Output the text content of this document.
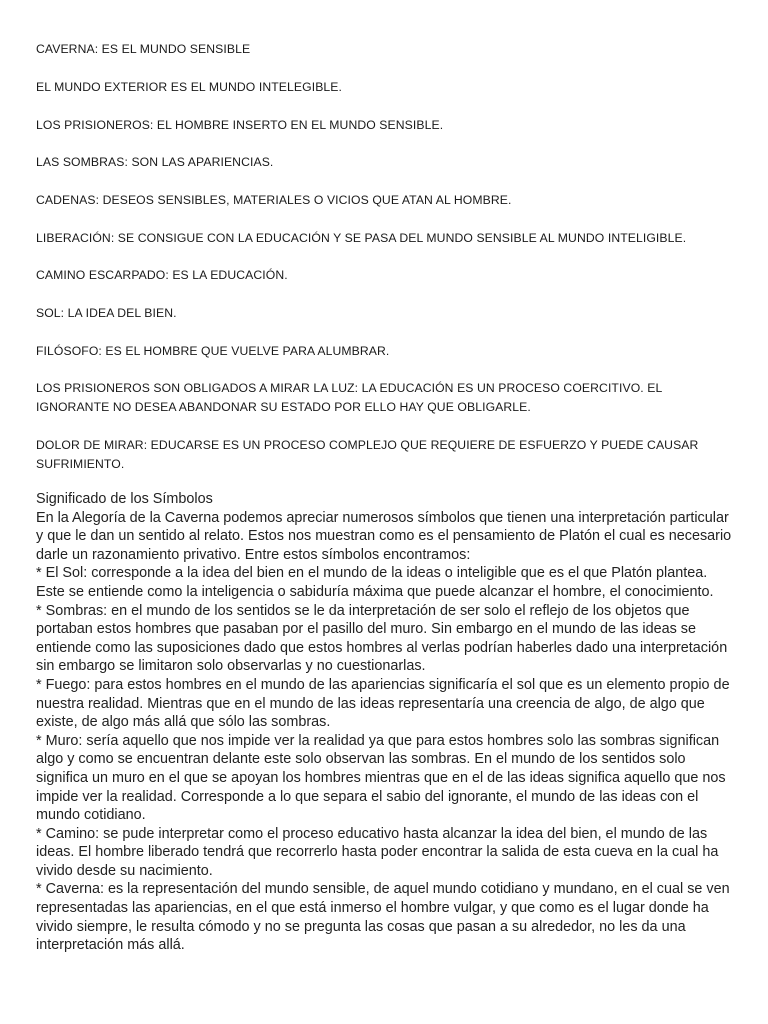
CAVERNA: ES EL MUNDO SENSIBLE

EL MUNDO EXTERIOR ES EL MUNDO INTELEGIBLE.

LOS PRISIONEROS: EL HOMBRE INSERTO EN EL MUNDO SENSIBLE.

LAS SOMBRAS: SON LAS APARIENCIAS.

CADENAS: DESEOS SENSIBLES, MATERIALES O VICIOS QUE ATAN AL HOMBRE.

LIBERACIÓN: SE CONSIGUE CON LA EDUCACIÓN Y SE PASA DEL MUNDO SENSIBLE AL MUNDO INTELIGIBLE.

CAMINO ESCARPADO: ES LA EDUCACIÓN.

SOL: LA IDEA DEL BIEN.

FILÓSOFO: ES EL HOMBRE QUE VUELVE PARA ALUMBRAR.

LOS PRISIONEROS SON OBLIGADOS A MIRAR LA LUZ: LA EDUCACIÓN ES UN PROCESO COERCITIVO. EL IGNORANTE NO DESEA ABANDONAR SU ESTADO POR ELLO HAY QUE OBLIGARLE.

DOLOR DE MIRAR: EDUCARSE ES UN PROCESO COMPLEJO QUE REQUIERE DE ESFUERZO Y PUEDE CAUSAR SUFRIMIENTO.

Significado de los Símbolos

En la Alegoría de la Caverna podemos apreciar numerosos símbolos que tienen una interpretación particular y que le dan un sentido al relato. Estos nos muestran como es el pensamiento de Platón el cual es necesario darle un razonamiento privativo. Entre estos símbolos encontramos:

* El Sol: corresponde a la idea del bien en el mundo de la ideas o inteligible que es el que Platón plantea. Este se entiende como la inteligencia o sabiduría máxima que puede alcanzar el hombre, el conocimiento.

* Sombras: en el mundo de los sentidos se le da interpretación de ser solo el reflejo de los objetos que portaban estos hombres que pasaban por el pasillo del muro. Sin embargo en el mundo de las ideas se entiende como las suposiciones dado que estos hombres al verlas podrían haberles dado una interpretación sin embargo se limitaron solo observarlas y no cuestionarlas.

* Fuego: para estos hombres en el mundo de las apariencias significaría el sol que es un elemento propio de nuestra realidad. Mientras que en el mundo de las ideas representaría una creencia de algo, de algo que existe, de algo más allá que sólo las sombras.

* Muro: sería aquello que nos impide ver la realidad ya que para estos hombres solo las sombras significan algo y como se encuentran delante este solo observan las sombras. En el mundo de los sentidos solo significa un muro en el que se apoyan los hombres mientras que en el de las ideas significa aquello que nos impide ver la realidad. Corresponde a lo que separa el sabio del ignorante, el mundo de las ideas con el mundo cotidiano.

* Camino: se pude interpretar como el proceso educativo hasta alcanzar la idea del bien, el mundo de las ideas. El hombre liberado tendrá que recorrerlo hasta poder encontrar la salida de esta cueva en la cual ha vivido desde su nacimiento.

* Caverna: es la representación del mundo sensible, de aquel mundo cotidiano y mundano, en el cual se ven representadas las apariencias, en el que está inmerso el hombre vulgar, y que como es el lugar donde ha vivido siempre, le resulta cómodo y no se pregunta las cosas que pasan a su alrededor, no les da una interpretación más allá.
